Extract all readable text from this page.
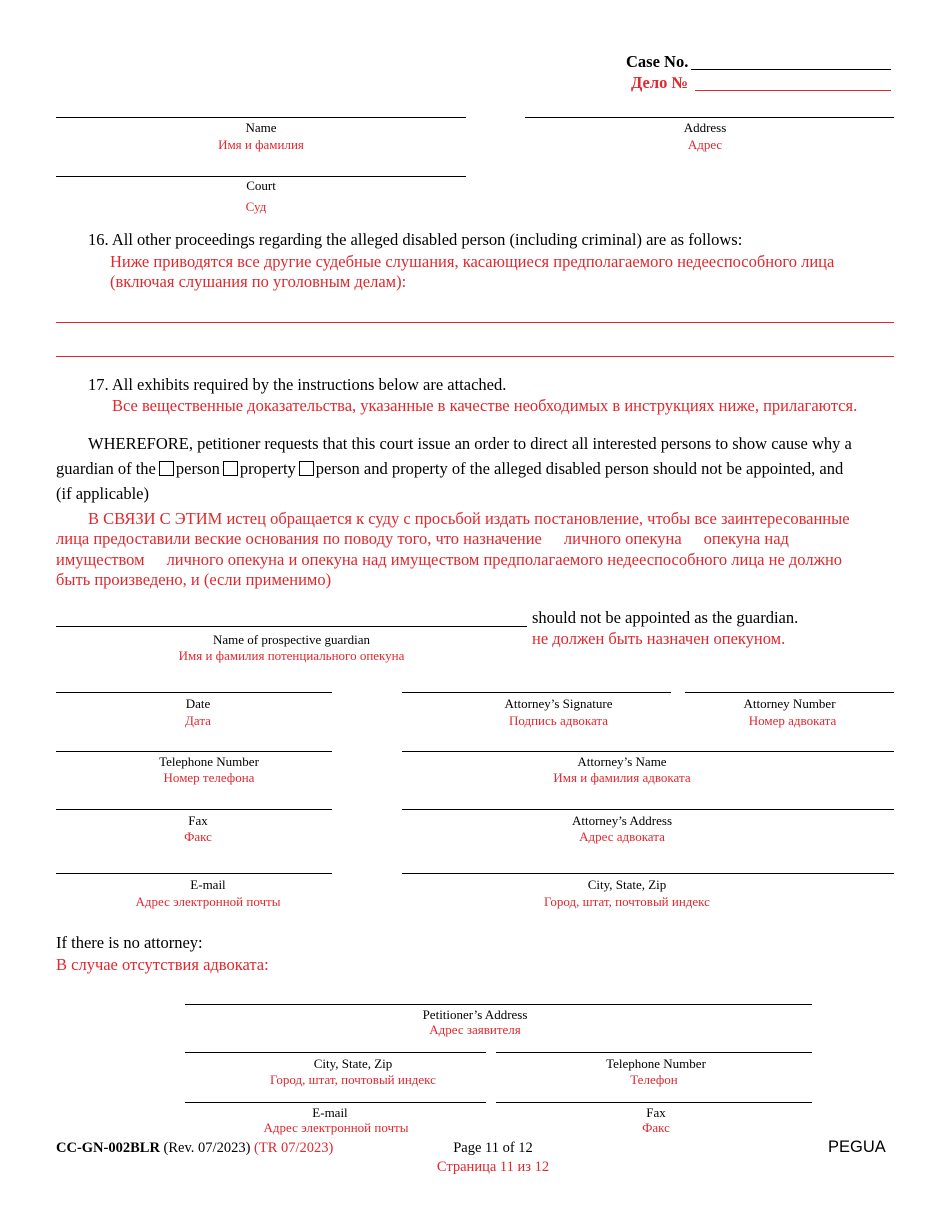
Case No.
Дело №
Name
Имя и фамилия
Address
Адрес
Court
Суд
16. All other proceedings regarding the alleged disabled person (including criminal) are as follows:
Ниже приводятся все другие судебные слушания, касающиеся предполагаемого недееспособного лица
(включая слушания по уголовным делам):
17. All exhibits required by the instructions below are attached.
Все вещественные доказательства, указанные в качестве необходимых в инструкциях ниже, прилагаются.
WHEREFORE, petitioner requests that this court issue an order to direct all interested persons to show cause why a
guardian of the person property person and property of the alleged disabled person should not be appointed, and
(if applicable)
В СВЯЗИ С ЭТИМ истец обращается к суду с просьбой издать постановление, чтобы все заинтересованные
лица предоставили веские основания по поводу того, что назначение личного опекуна опекуна над
имуществом личного опекуна и опекуна над имуществом предполагаемого недееспособного лица не должно
быть произведено, и (если применимо)
should not be appointed as the guardian.
не должен быть назначен опекуном.
Name of prospective guardian
Имя и фамилия потенциального опекуна
Date
Дата
Attorney’s Signature
Подпись адвоката
Attorney Number
Номер адвоката
Telephone Number
Номер телефона
Attorney’s Name
Имя и фамилия адвоката
Fax
Факс
Attorney’s Address
Адрес адвоката
E-mail
Адрес электронной почты
City, State, Zip
Город, штат, почтовый индекс
If there is no attorney:
В случае отсутствия адвоката:
Petitioner’s Address
Адрес заявителя
City, State, Zip
Город, штат, почтовый индекс
Telephone Number
Телефон
E-mail
Адрес электронной почты
Fax
Факс
CC-GN-002BLR (Rev. 07/2023) (TR 07/2023)	Page 11 of 12
Страница 11 из 12
PEGUA
